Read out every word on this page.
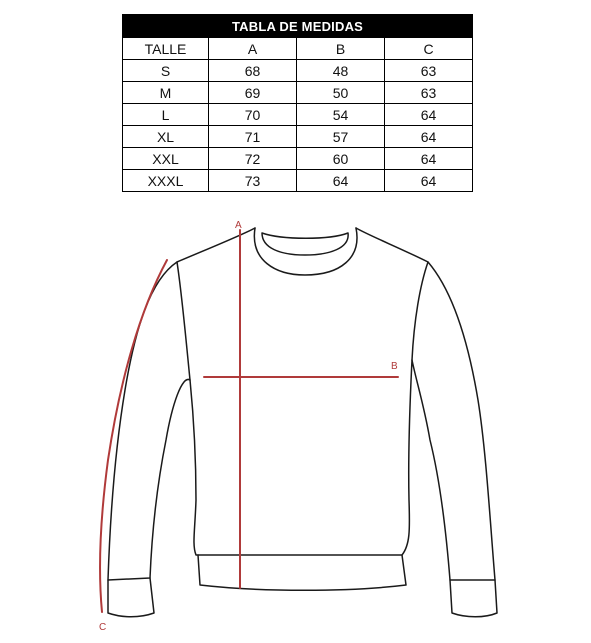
TABLA DE MEDIDAS			
TALLE	A	B	C
S	68	48	63
M	69	50	63
L	70	54	64
XL	71	57	64
XXL	72	60	64
XXXL	73	64	64
A
B
C
